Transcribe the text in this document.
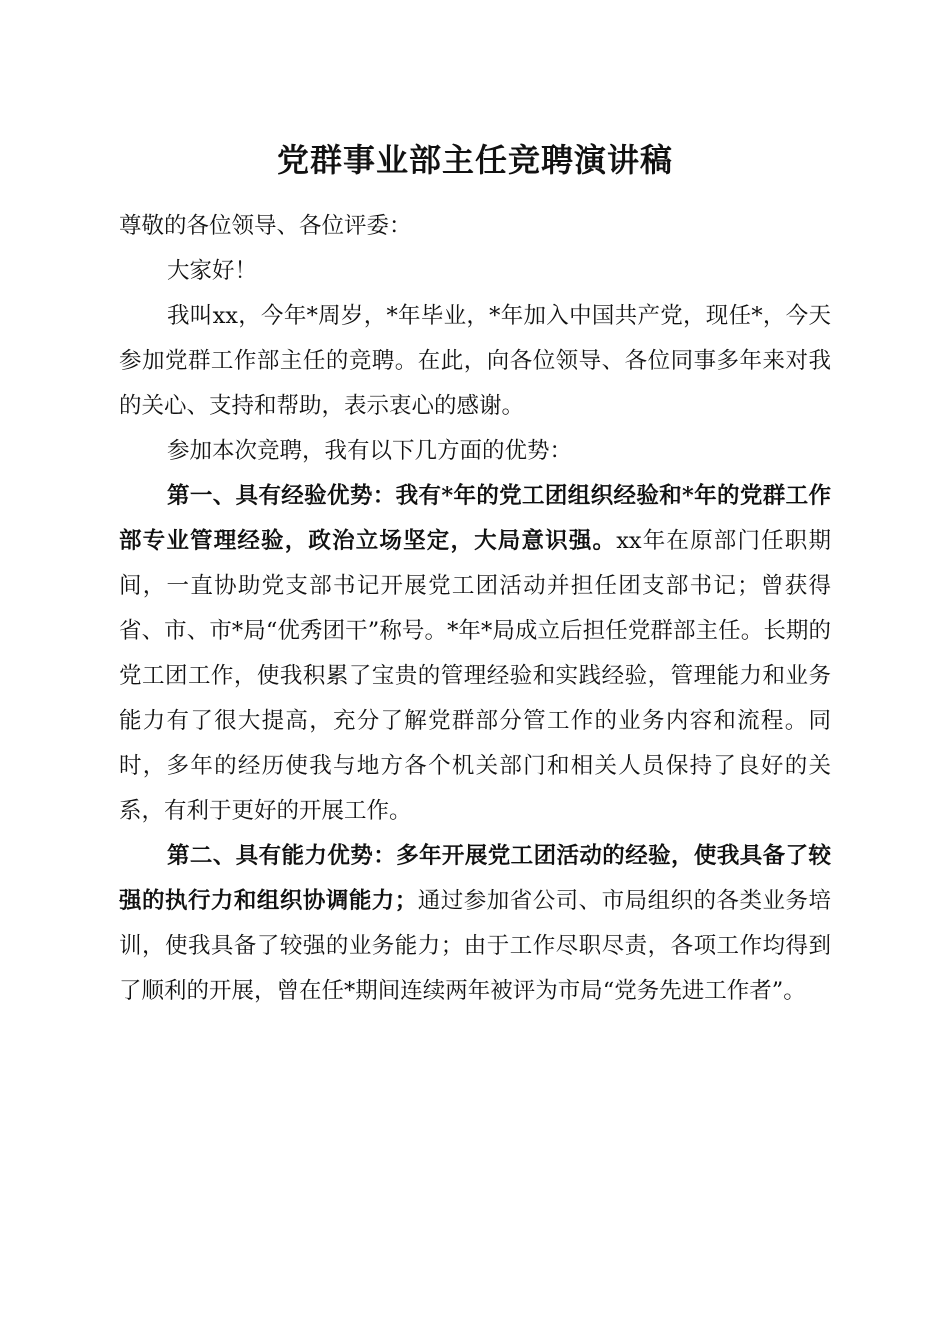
党群事业部主任竞聘演讲稿

尊敬的各位领导、各位评委：

大家好！

我叫xx，今年*周岁，*年毕业，*年加入中国共产党，现任*，今天参加党群工作部主任的竞聘。在此，向各位领导、各位同事多年来对我的关心、支持和帮助，表示衷心的感谢。

参加本次竞聘，我有以下几方面的优势：

第一、具有经验优势：我有*年的党工团组织经验和*年的党群工作部专业管理经验，政治立场坚定，大局意识强。xx年在原部门任职期间，一直协助党支部书记开展党工团活动并担任团支部书记；曾获得省、市、市*局“优秀团干”称号。*年*局成立后担任党群部主任。长期的党工团工作，使我积累了宝贵的管理经验和实践经验，管理能力和业务能力有了很大提高，充分了解党群部分管工作的业务内容和流程。同时，多年的经历使我与地方各个机关部门和相关人员保持了良好的关系，有利于更好的开展工作。

第二、具有能力优势：多年开展党工团活动的经验，使我具备了较强的执行力和组织协调能力；通过参加省公司、市局组织的各类业务培训，使我具备了较强的业务能力；由于工作尽职尽责，各项工作均得到了顺利的开展，曾在任*期间连续两年被评为市局“党务先进工作者”。
